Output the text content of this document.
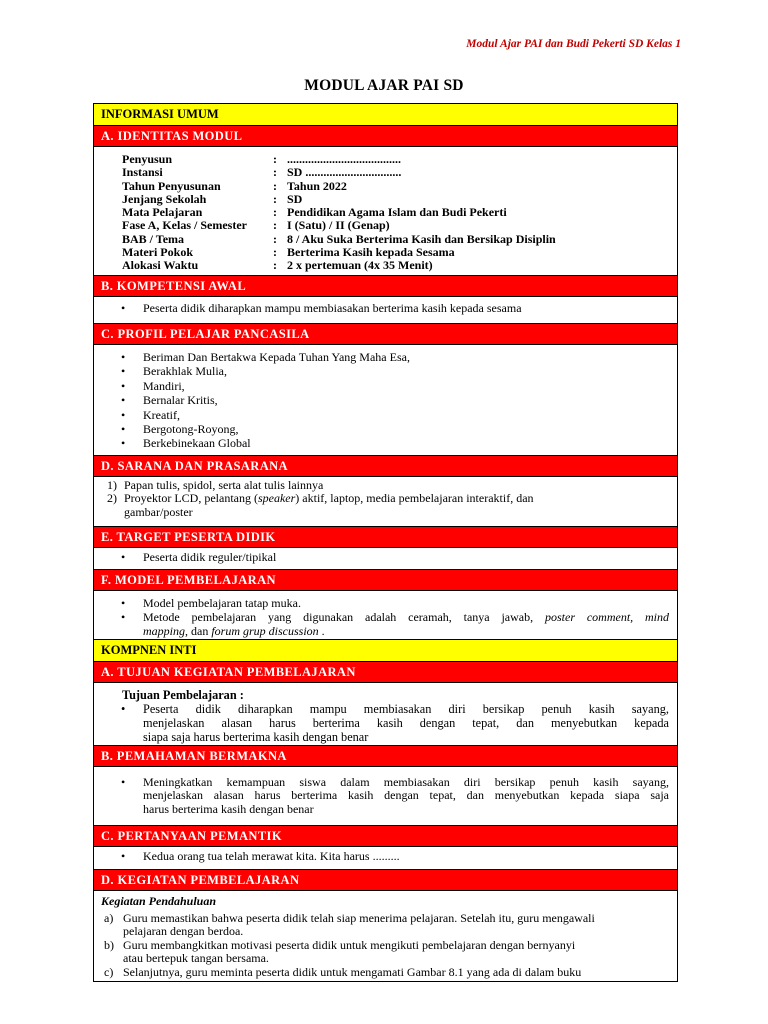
Modul Ajar PAI dan Budi Pekerti SD Kelas 1
MODUL AJAR PAI SD
INFORMASI UMUM
A. IDENTITAS MODUL
Penyusun	: ......................................
Instansi	: SD ................................
Tahun Penyusunan	: Tahun 2022
Jenjang Sekolah	: SD
Mata Pelajaran	: Pendidikan Agama Islam dan Budi Pekerti
Fase A, Kelas / Semester	: I (Satu) / II (Genap)
BAB / Tema	: 8 / Aku Suka Berterima Kasih dan Bersikap Disiplin
Materi Pokok	: Berterima Kasih kepada Sesama
Alokasi Waktu	: 2 x pertemuan (4x 35 Menit)
B. KOMPETENSI AWAL
• Peserta didik diharapkan mampu membiasakan berterima kasih kepada sesama
C. PROFIL PELAJAR PANCASILA
• Beriman Dan Bertakwa Kepada Tuhan Yang Maha Esa,
• Berakhlak Mulia,
• Mandiri,
• Bernalar Kritis,
• Kreatif,
• Bergotong-Royong,
• Berkebinekaan Global
D. SARANA DAN PRASARANA
1) Papan tulis, spidol, serta alat tulis lainnya
2) Proyektor LCD, pelantang (speaker) aktif, laptop, media pembelajaran interaktif, dan
gambar/poster
E. TARGET PESERTA DIDIK
• Peserta didik reguler/tipikal
F. MODEL PEMBELAJARAN
• Model pembelajaran tatap muka.
• Metode pembelajaran yang digunakan adalah ceramah, tanya jawab, poster comment, mind
mapping, dan forum grup discussion .
KOMPNEN INTI
A. TUJUAN KEGIATAN PEMBELAJARAN
Tujuan Pembelajaran :
• Peserta didik diharapkan mampu membiasakan diri bersikap penuh kasih sayang,
menjelaskan alasan harus berterima kasih dengan tepat, dan menyebutkan kepada
siapa saja harus berterima kasih dengan benar
B. PEMAHAMAN BERMAKNA
• Meningkatkan kemampuan siswa dalam membiasakan diri bersikap penuh kasih sayang,
menjelaskan alasan harus berterima kasih dengan tepat, dan menyebutkan kepada siapa saja
harus berterima kasih dengan benar
C. PERTANYAAN PEMANTIK
• Kedua orang tua telah merawat kita. Kita harus .........
D. KEGIATAN PEMBELAJARAN
Kegiatan Pendahuluan
a) Guru memastikan bahwa peserta didik telah siap menerima pelajaran. Setelah itu, guru mengawali
pelajaran dengan berdoa.
b) Guru membangkitkan motivasi peserta didik untuk mengikuti pembelajaran dengan bernyanyi
atau bertepuk tangan bersama.
c) Selanjutnya, guru meminta peserta didik untuk mengamati Gambar 8.1 yang ada di dalam buku
